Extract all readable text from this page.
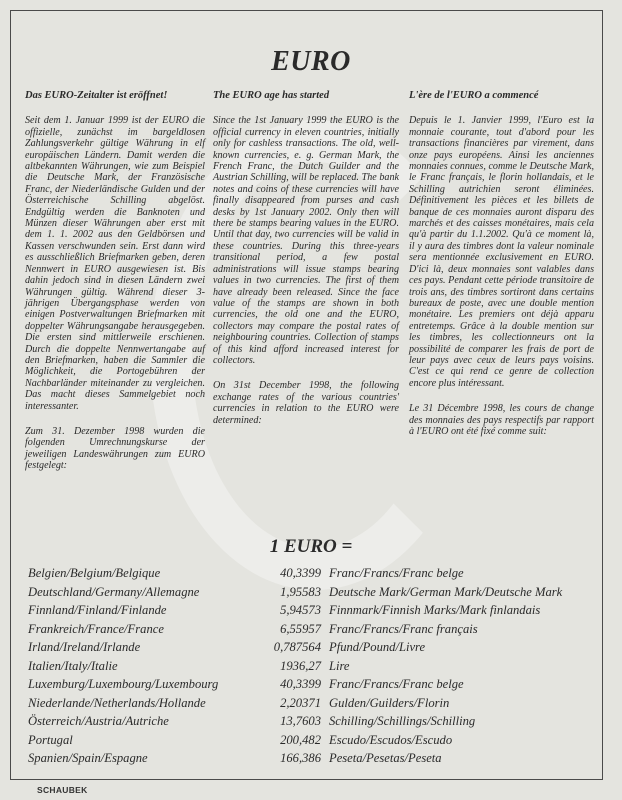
EURO
Das EURO-Zeitalter ist eröffnet!

Seit dem 1. Januar 1999 ist der EURO die offizielle, zunächst im bargeldlosen Zahlungsverkehr gültige Währung in elf europäischen Ländern. Damit werden die altbekannten Währungen, wie zum Beispiel die Deutsche Mark, der Französische Franc, der Niederländische Gulden und der Österreichische Schilling abgelöst. Endgültig werden die Banknoten und Münzen dieser Währungen aber erst mit dem 1. 1. 2002 aus den Geldbörsen und Kassen verschwunden sein. Erst dann wird es ausschließlich Briefmarken geben, deren Nennwert in EURO ausgewiesen ist. Bis dahin jedoch sind in diesen Ländern zwei Währungen gültig. Während dieser 3-jährigen Übergangsphase werden von einigen Postverwaltungen Briefmarken mit doppelter Währungsangabe herausgegeben. Die ersten sind mittlerweile erschienen. Durch die doppelte Nennwertangabe auf den Briefmarken, haben die Sammler die Möglichkeit, die Portogebühren der Nachbarländer miteinander zu vergleichen. Das macht dieses Sammelgebiet noch interessanter.

Zum 31. Dezember 1998 wurden die folgenden Umrechnungskurse der jeweiligen Landeswährungen zum EURO festgelegt:

The EURO age has started

Since the 1st January 1999 the EURO is the official currency in eleven countries, initially only for cashless transactions. The old, well-known currencies, e. g. German Mark, the French Franc, the Dutch Guilder and the Austrian Schilling, will be replaced. The bank notes and coins of these currencies will have finally disappeared from purses and cash desks by 1st January 2002. Only then will there be stamps bearing values in the EURO. Until that day, two currencies will be valid in these countries. During this three-years transitional period, a few postal administrations will issue stamps bearing values in two currencies. The first of them have already been released. Since the face value of the stamps are shown in both currencies, the old one and the EURO, collectors may compare the postal rates of neighbouring countries. Collection of stamps of this kind afford increased interest for collectors.

On 31st December 1998, the following exchange rates of the various countries' currencies in relation to the EURO were determined:

L'ère de l'EURO a commencé

Depuis le 1. Janvier 1999, l'Euro est la monnaie courante, tout d'abord pour les transactions financières par virement, dans onze pays européens. Ainsi les anciennes monnaies connues, comme le Deutsche Mark, le Franc français, le florin hollandais, et le Schilling autrichien seront éliminées. Définitivement les pièces et les billets de banque de ces monnaies auront disparu des marchés et des caisses monétaires, mais cela qu'à partir du 1.1.2002. Qu'à ce moment là, il y aura des timbres dont la valeur nominale sera mentionnée exclusivement en EURO. D'ici là, deux monnaies sont valables dans ces pays. Pendant cette période transitoire de trois ans, des timbres sortiront dans certains bureaux de poste, avec une double mention monétaire. Les premiers ont déjà apparu entretemps. Grâce à la double mention sur les timbres, les collectionneurs ont la possibilité de comparer les frais de port de leur pays avec ceux de leurs pays voisins. C'est ce qui rend ce genre de collection encore plus intéressant.

Le 31 Décembre 1998, les cours de change des monnaies des pays respectifs par rapport à l'EURO ont été fixé comme suit:

1 EURO =
Belgien/Belgium/Belgique	40,3399 Franc/Francs/Franc belge
Deutschland/Germany/Allemagne	1,95583 Deutsche Mark/German Mark/Deutsche Mark
Finnland/Finland/Finlande	5,94573 Finnmark/Finnish Marks/Mark finlandais
Frankreich/France/France	6,55957 Franc/Francs/Franc français
Irland/Ireland/Irlande	0,787564 Pfund/Pound/Livre
Italien/Italy/Italie	1936,27 Lire
Luxemburg/Luxembourg/Luxembourg	40,3399 Franc/Francs/Franc belge
Niederlande/Netherlands/Hollande	2,20371 Gulden/Guilders/Florin
Österreich/Austria/Autriche	13,7603 Schilling/Schillings/Schilling
Portugal	200,482 Escudo/Escudos/Escudo
Spanien/Spain/Espagne	166,386 Peseta/Pesetas/Peseta
SCHAUBEK
